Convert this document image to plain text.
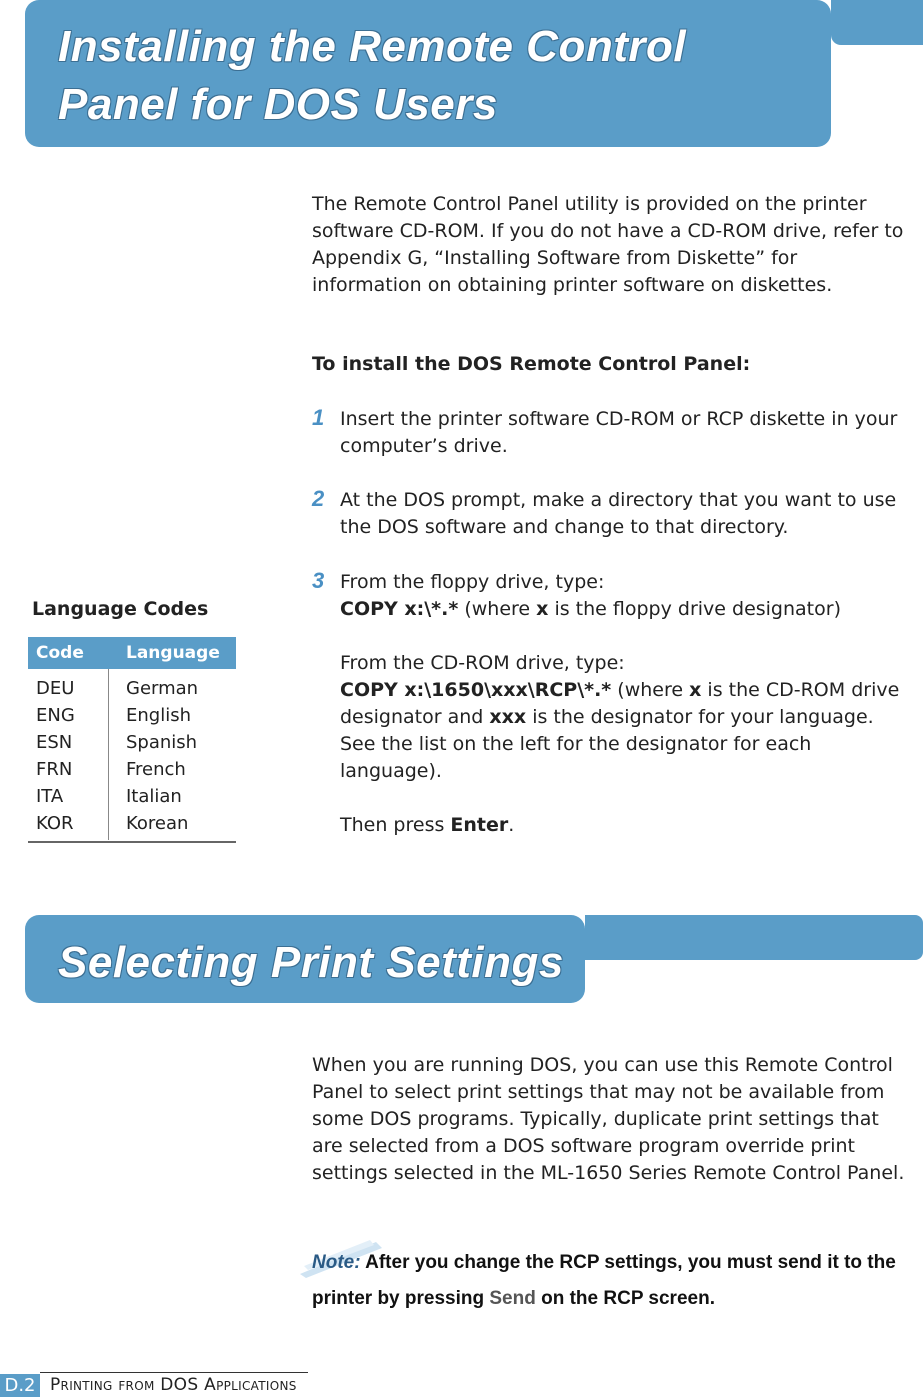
Installing the Remote Control
Panel for DOS Users
The Remote Control Panel utility is provided on the printer software CD-ROM. If you do not have a CD-ROM drive, refer to Appendix G, “Installing Software from Diskette” for information on obtaining printer software on diskettes.
To install the DOS Remote Control Panel:
1 Insert the printer software CD-ROM or RCP diskette in your computer’s drive.
2 At the DOS prompt, make a directory that you want to use the DOS software and change to that directory.
3 From the floppy drive, type:
COPY x:\*.* (where x is the floppy drive designator)
From the CD-ROM drive, type:
COPY x:\1650\xxx\RCP\*.* (where x is the CD-ROM drive designator and xxx is the designator for your language. See the list on the left for the designator for each language).
Then press Enter.
Language Codes
Code	Language
DEU	German
ENG	English
ESN	Spanish
FRN	French
ITA	Italian
KOR	Korean
Selecting Print Settings
When you are running DOS, you can use this Remote Control Panel to select print settings that may not be available from some DOS programs. Typically, duplicate print settings that are selected from a DOS software program override print settings selected in the ML-1650 Series Remote Control Panel.
Note: After you change the RCP settings, you must send it to the printer by pressing Send on the RCP screen.
D.2 Printing from DOS Applications
